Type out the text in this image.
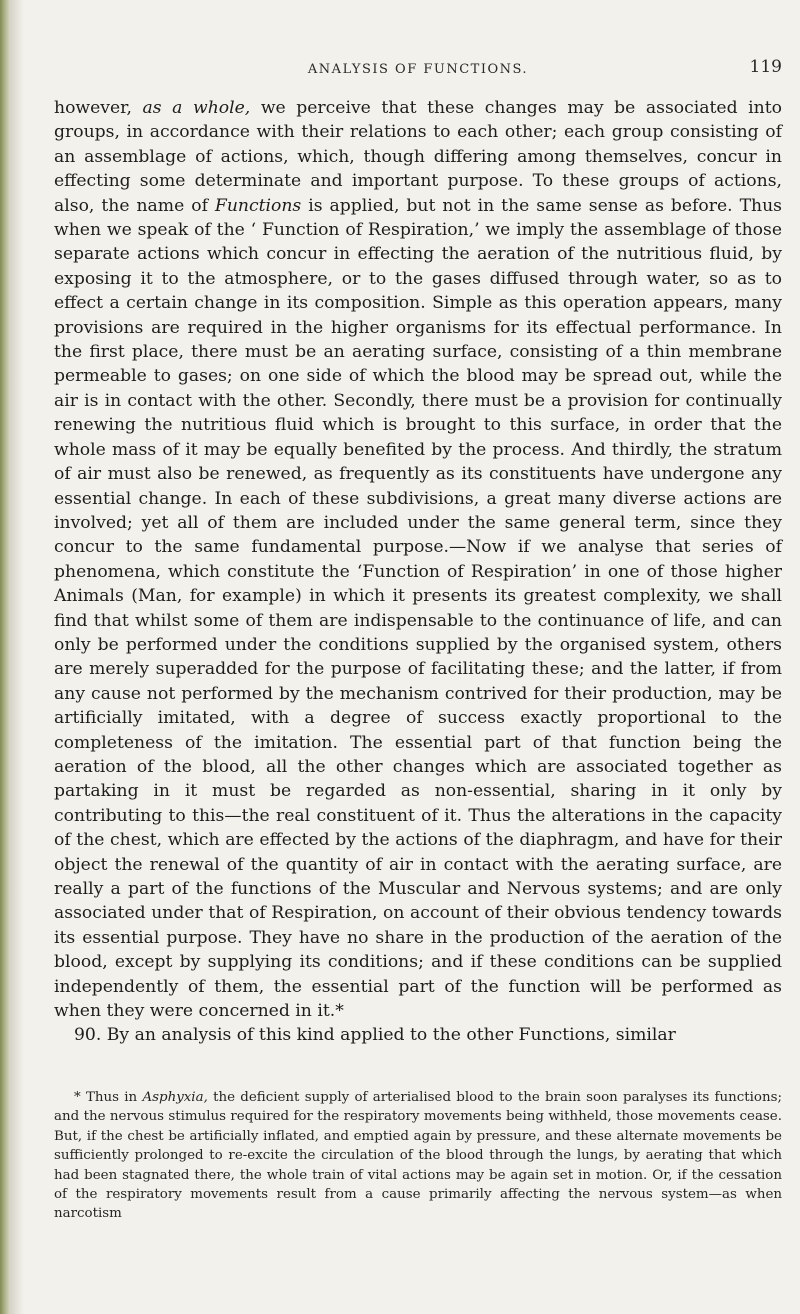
ANALYSIS OF FUNCTIONS.	119

however, as a whole, we perceive that these changes may be associated into groups, in accordance with their relations to each other; each group consisting of an assemblage of actions, which, though differing among themselves, concur in effecting some determinate and important purpose. To these groups of actions, also, the name of Functions is applied, but not in the same sense as before. Thus when we speak of the ‘ Function of Respiration,’ we imply the assemblage of those separate actions which concur in effecting the aeration of the nutritious fluid, by exposing it to the atmosphere, or to the gases diffused through water, so as to effect a certain change in its composition. Simple as this operation appears, many provisions are required in the higher organisms for its effectual performance. In the first place, there must be an aerating surface, consisting of a thin membrane permeable to gases; on one side of which the blood may be spread out, while the air is in contact with the other. Secondly, there must be a provision for continually renewing the nutritious fluid which is brought to this surface, in order that the whole mass of it may be equally benefited by the process. And thirdly, the stratum of air must also be renewed, as frequently as its constituents have undergone any essential change. In each of these subdivisions, a great many diverse actions are involved; yet all of them are included under the same general term, since they concur to the same fundamental purpose.—Now if we analyse that series of phenomena, which constitute the ‘Function of Respiration’ in one of those higher Animals (Man, for example) in which it presents its greatest complexity, we shall find that whilst some of them are indispensable to the continuance of life, and can only be performed under the conditions supplied by the organised system, others are merely superadded for the purpose of facilitating these; and the latter, if from any cause not performed by the mechanism contrived for their production, may be artificially imitated, with a degree of success exactly proportional to the completeness of the imitation. The essential part of that function being the aeration of the blood, all the other changes which are associated together as partaking in it must be regarded as non-essential, sharing in it only by contributing to this—the real constituent of it. Thus the alterations in the capacity of the chest, which are effected by the actions of the diaphragm, and have for their object the renewal of the quantity of air in contact with the aerating surface, are really a part of the functions of the Muscular and Nervous systems; and are only associated under that of Respiration, on account of their obvious tendency towards its essential purpose. They have no share in the production of the aeration of the blood, except by supplying its conditions; and if these conditions can be supplied independently of them, the essential part of the function will be performed as when they were concerned in it.*

90. By an analysis of this kind applied to the other Functions, similar

* Thus in Asphyxia, the deficient supply of arterialised blood to the brain soon paralyses its functions; and the nervous stimulus required for the respiratory movements being withheld, those movements cease. But, if the chest be artificially inflated, and emptied again by pressure, and these alternate movements be sufficiently prolonged to re-excite the circulation of the blood through the lungs, by aerating that which had been stagnated there, the whole train of vital actions may be again set in motion. Or, if the cessation of the respiratory movements result from a cause primarily affecting the nervous system—as when narcotism
